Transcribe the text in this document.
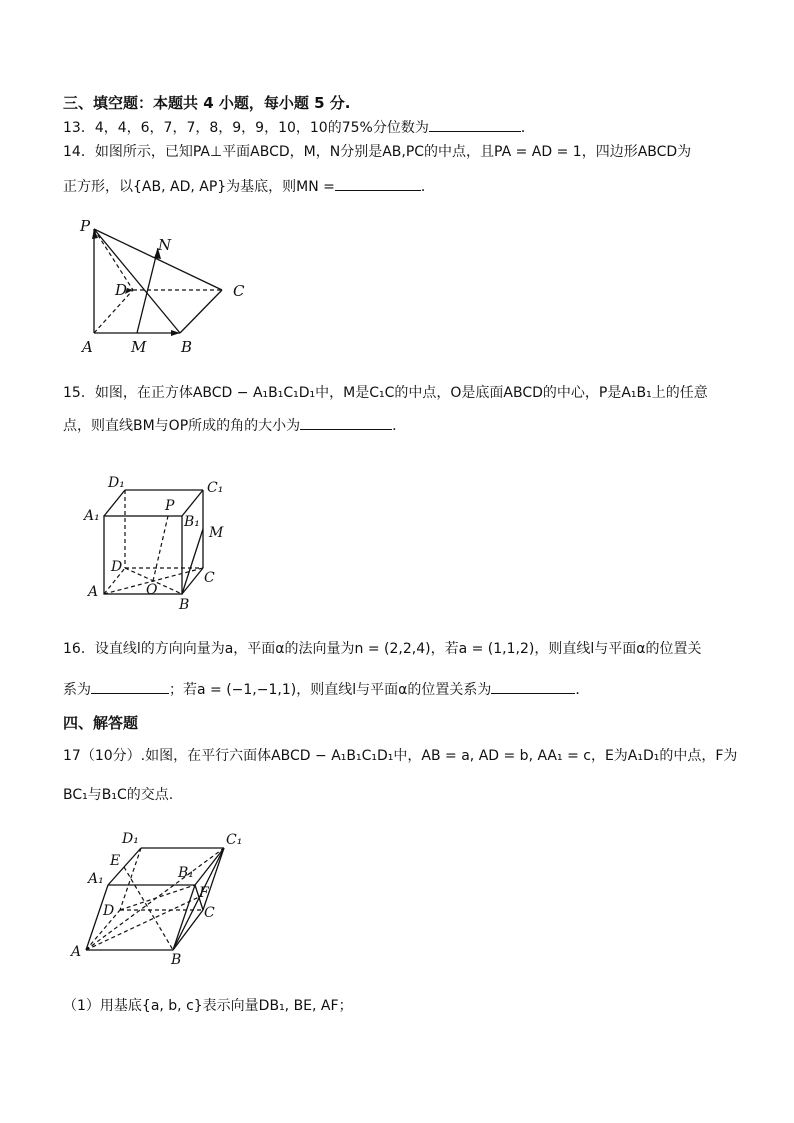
三、填空题：本题共 4 小题，每小题 5 分.
13．4，4，6，7，7，8，9，9，10，10的75%分位数为	．
14．如图所示，已知PA⊥平面ABCD，M，N分别是AB,PC的中点，且PA = AD = 1，四边形ABCD为
正方形，以{AB, AD, AP}为基底，则MN =	．
P
N
D	C
A	M B
15．如图，在正方体ABCD − A₁B₁C₁D₁中，M是C₁C的中点，O是底面ABCD的中心，P是A₁B₁上的任意
点，则直线BM与OP所成的角的大小为	．
D₁	C₁
A₁
P
B₁
M
D
C
A	O
B
16．设直线l的方向向量为a，平面α的法向量为n = (2,2,4)，若a = (1,1,2)，则直线l与平面α的位置关
系为	；若a = (−1,−1,1)，则直线l与平面α的位置关系为	．
四、解答题
17（10分）.如图，在平行六面体ABCD − A₁B₁C₁D₁中，AB = a, AD = b, AA₁ = c，E为A₁D₁的中点，F为
BC₁与B₁C的交点.
D₁	C₁
E
A₁	B₁
F
D	C
A	B
（1）用基底{a, b, c}表示向量DB₁, BE, AF；
